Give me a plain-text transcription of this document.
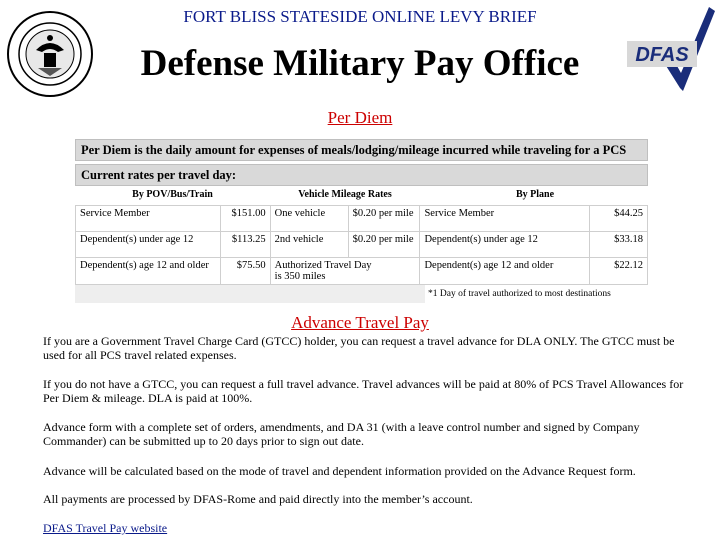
FORT BLISS STATESIDE ONLINE LEVY BRIEF
Defense Military Pay Office	DFAS
Per Diem
Per Diem is the daily amount for expenses of meals/lodging/mileage incurred while traveling for a PCS
Current rates per travel day:
By POV/Bus/Train	Vehicle Mileage Rates	By Plane
Service Member	$151.00	One vehicle	$0.20 per mile	Service Member	$44.25
Dependent(s) under age 12	$113.25	2nd vehicle	$0.20 per mile	Dependent(s) under age 12	$33.18
Dependent(s) age 12 and older	$75.50	Authorized Travel Day is 350 miles		Dependent(s) age 12 and older	$22.12
*1 Day of travel authorized to most destinations
Advance Travel Pay
If you are a Government Travel Charge Card (GTCC) holder, you can request a travel advance for DLA ONLY. The GTCC must be used for all PCS travel related expenses.
If you do not have a GTCC, you can request a full travel advance. Travel advances will be paid at 80% of PCS Travel Allowances for Per Diem & mileage. DLA is paid at 100%.
Advance form with a complete set of orders, amendments, and DA 31 (with a leave control number and signed by Company Commander) can be submitted up to 20 days prior to sign out date.
Advance will be calculated based on the mode of travel and dependent information provided on the Advance Request form.
All payments are processed by DFAS-Rome and paid directly into the member’s account.
DFAS Travel Pay website
